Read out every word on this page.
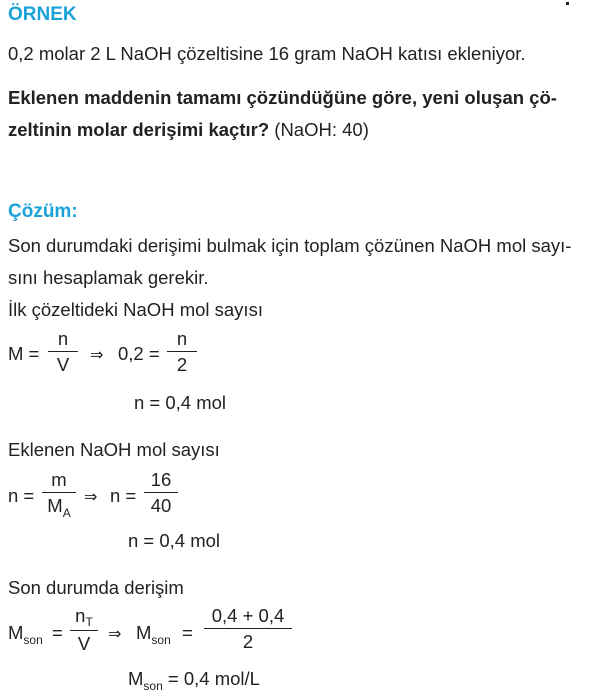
ÖRNEK
0,2 molar 2 L NaOH çözeltisine 16 gram NaOH katısı ekleniyor.
Eklenen maddenin tamamı çözündüğüne göre, yeni oluşan çö-
zeltinin molar derişimi kaçtır? (NaOH: 40)
Çözüm:
Son durumdaki derişimi bulmak için toplam çözünen NaOH mol sayı-
sını hesaplamak gerekir.
İlk çözeltideki NaOH mol sayısı
M =
n
V	⇒ 0,2 =
n
2
n = 0,4 mol
Eklenen NaOH mol sayısı
n =
m
$M_A$
⇒ n =
16
40
n = 0,4 mol
Son durumda derişim
$M_{son}$ =
$n_T$
V	⇒ $M_{son}$ =
0,4 + 0,4
2
$M_{son} = 0,4$ mol/L
